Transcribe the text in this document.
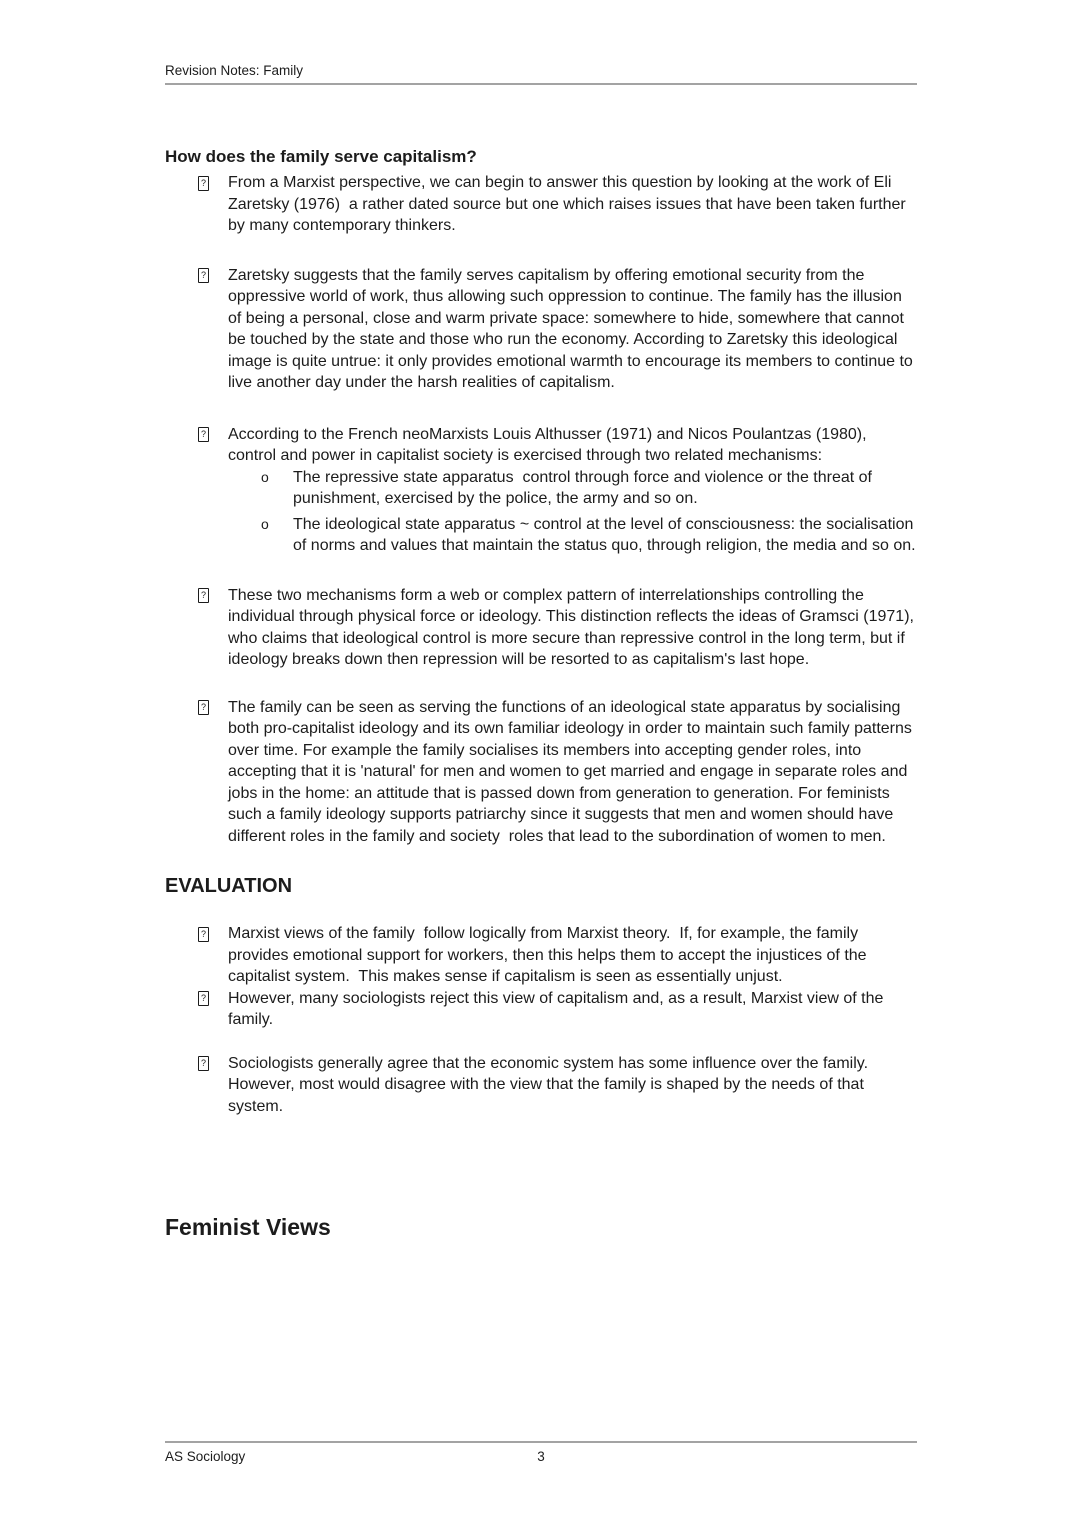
Revision Notes: Family
How does the family serve capitalism?
? From a Marxist perspective, we can begin to answer this question by looking at the work of Eli Zaretsky (1976)  a rather dated source but one which raises issues that have been taken further by many contemporary thinkers.
? Zaretsky suggests that the family serves capitalism by offering emotional security from the oppressive world of work, thus allowing such oppression to continue. The family has the illusion of being a personal, close and warm private space: somewhere to hide, somewhere that cannot be touched by the state and those who run the economy. According to Zaretsky this ideological image is quite untrue: it only provides emotional warmth to encourage its members to continue to live another day under the harsh realities of capitalism.
? According to the French neoMarxists Louis Althusser (1971) and Nicos Poulantzas (1980), control and power in capitalist society is exercised through two related mechanisms:
o The repressive state apparatus  control through force and violence or the threat of punishment, exercised by the police, the army and so on.
o The ideological state apparatus ~ control at the level of consciousness: the socialisation of norms and values that maintain the status quo, through religion, the media and so on.
? These two mechanisms form a web or complex pattern of interrelationships controlling the individual through physical force or ideology. This distinction reflects the ideas of Gramsci (1971), who claims that ideological control is more secure than repressive control in the long term, but if ideology breaks down then repression will be resorted to as capitalism's last hope.
? The family can be seen as serving the functions of an ideological state apparatus by socialising both pro-capitalist ideology and its own familiar ideology in order to maintain such family patterns over time. For example the family socialises its members into accepting gender roles, into accepting that it is 'natural' for men and women to get married and engage in separate roles and jobs in the home: an attitude that is passed down from generation to generation. For feminists such a family ideology supports patriarchy since it suggests that men and women should have different roles in the family and society  roles that lead to the subordination of women to men.
EVALUATION
? Marxist views of the family  follow logically from Marxist theory.  If, for example, the family provides emotional support for workers, then this helps them to accept the injustices of the capitalist system.  This makes sense if capitalism is seen as essentially unjust.
? However, many sociologists reject this view of capitalism and, as a result, Marxist view of the family.
? Sociologists generally agree that the economic system has some influence over the family.  However, most would disagree with the view that the family is shaped by the needs of that system.
Feminist Views
AS Sociology	3
